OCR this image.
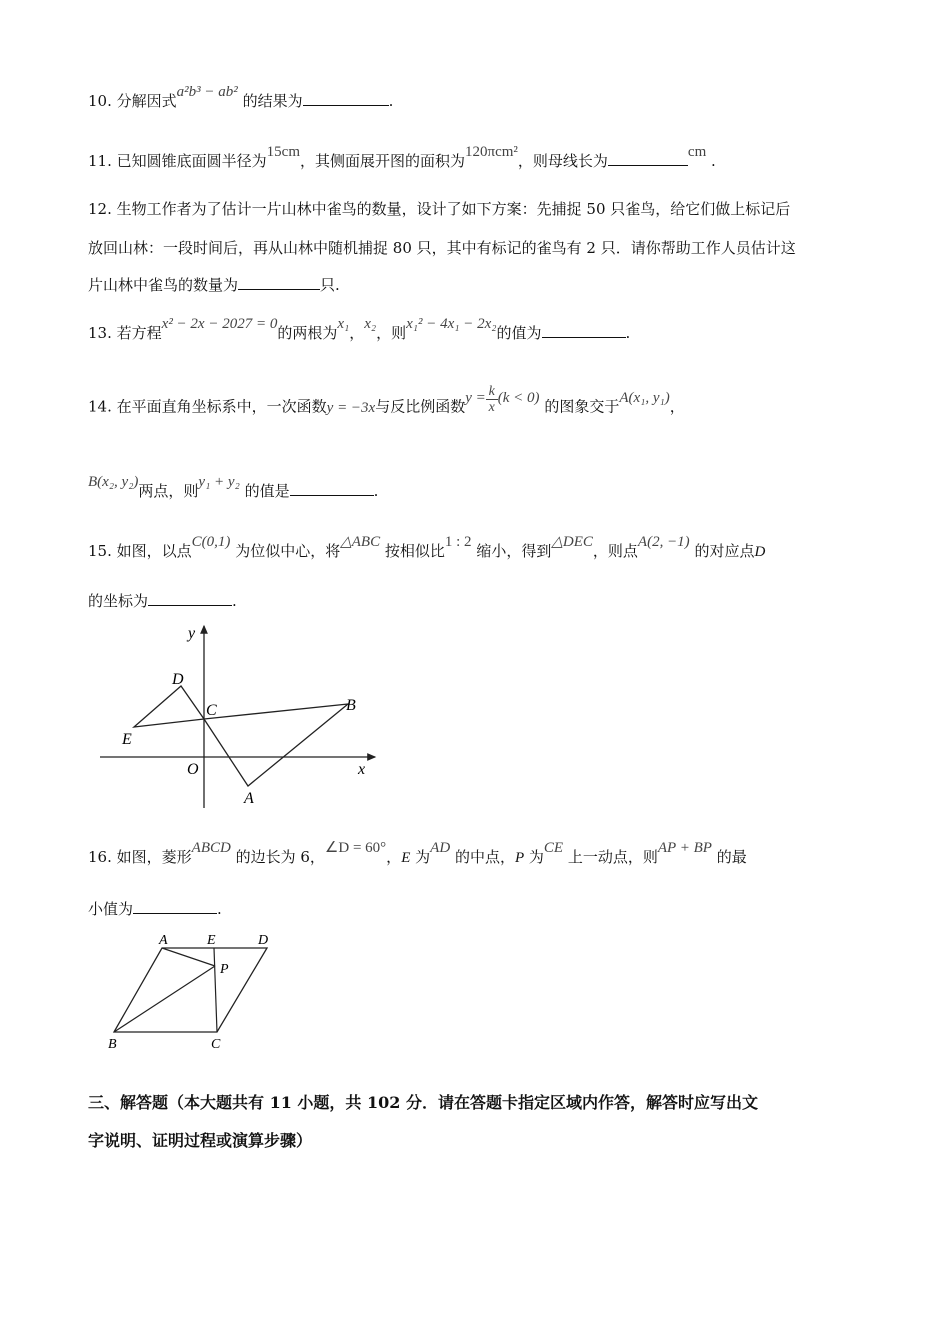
10. 分解因式a²b³ − ab² 的结果为	.
11. 已知圆锥底面圆半径为15cm，其侧面展开图的面积为120πcm²，则母线长为	cm .
12. 生物工作者为了估计一片山林中雀鸟的数量，设计了如下方案：先捕捉 50 只雀鸟，给它们做上标记后
放回山林：一段时间后，再从山林中随机捕捉 80 只，其中有标记的雀鸟有 2 只．请你帮助工作人员估计这
片山林中雀鸟的数量为	只.
13. 若方程x² − 2x − 2027 = 0的两根为x₁，x₂，则x₁² − 4x₁ − 2x₂的值为	.
14. 在平面直角坐标系中，一次函数y = −3x与反比例函数$y = \frac{k}{x} (k < 0)$ 的图象交于A(x₁, y₁)，
B(x₂, y₂)两点，则y₁ + y₂ 的值是	.
15. 如图，以点C(0,1) 为位似中心，将△ABC 按相似比1 : 2 缩小，得到△DEC，则点A(2, −1) 的对应点D
的坐标为	.
y
x
O
A
B
C
D
E
16. 如图，菱形ABCD 的边长为 6，∠D = 60°，E 为AD 的中点，P 为CE 上一动点，则AP + BP 的最
小值为	.
A	E	D
P
B	C
三、解答题（本大题共有 11 小题，共 102 分．请在答题卡指定区域内作答，解答时应写出文
字说明、证明过程或演算步骤）
